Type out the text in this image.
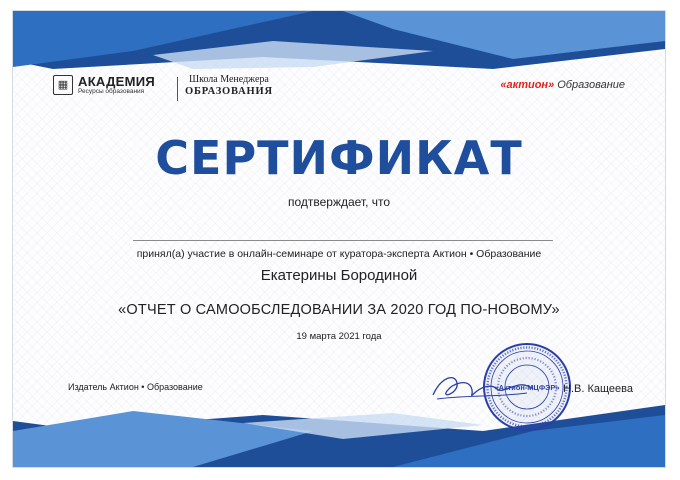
▦ АКАДЕМИЯ
Ресурсы образования
Школа Менеджера
ОБРАЗОВАНИЯ	«актион» Образование
СЕРТИФИКАТ
подтверждает, что
принял(а) участие в онлайн-семинаре от куратора-эксперта Актион • Образование
Екатерины Бородиной
«ОТЧЕТ О САМООБСЛЕДОВАНИИ ЗА 2020 ГОД ПО-НОВОМУ»
19 марта 2021 года
Издатель Актион • Образование	«Актион-МЦФЭР» Н.В. Кащеева
